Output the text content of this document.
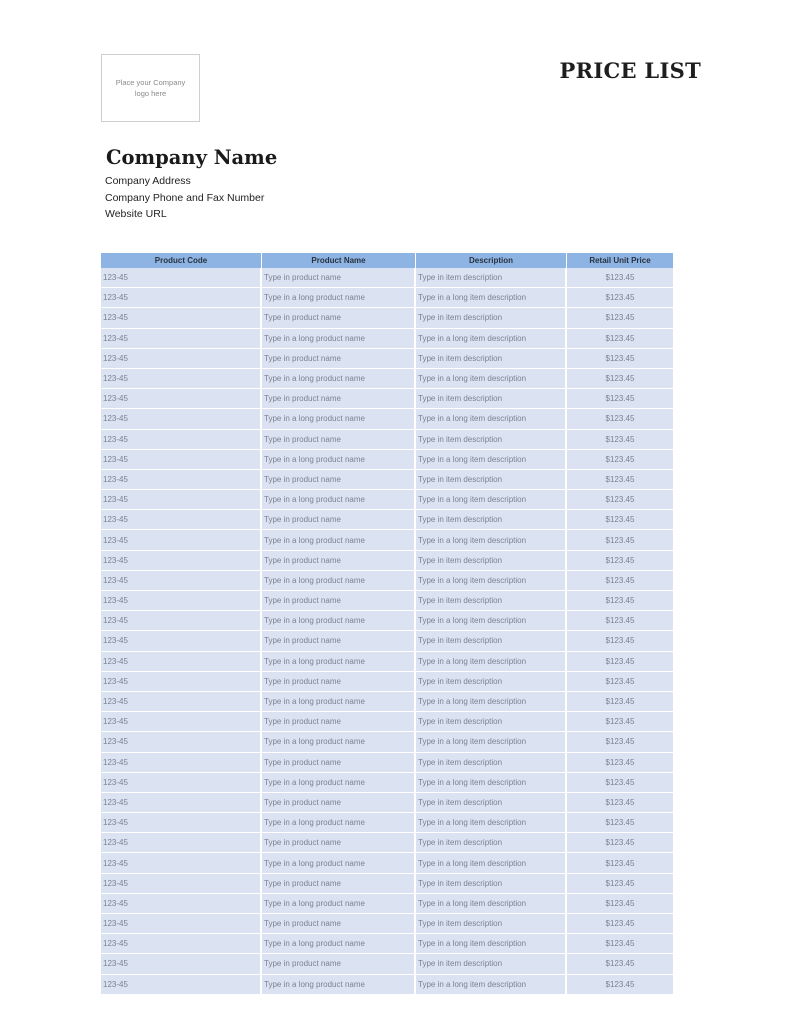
Place your Company logo here
PRICE LIST
Company Name
Company Address
Company Phone and Fax Number
Website URL
Product Code	Product Name	Description	Retail Unit Price
123-45	Type in product name	Type in item description	$123.45
123-45	Type in a long product name	Type in a long item description	$123.45
123-45	Type in product name	Type in item description	$123.45
123-45	Type in a long product name	Type in a long item description	$123.45
123-45	Type in product name	Type in item description	$123.45
123-45	Type in a long product name	Type in a long item description	$123.45
123-45	Type in product name	Type in item description	$123.45
123-45	Type in a long product name	Type in a long item description	$123.45
123-45	Type in product name	Type in item description	$123.45
123-45	Type in a long product name	Type in a long item description	$123.45
123-45	Type in product name	Type in item description	$123.45
123-45	Type in a long product name	Type in a long item description	$123.45
123-45	Type in product name	Type in item description	$123.45
123-45	Type in a long product name	Type in a long item description	$123.45
123-45	Type in product name	Type in item description	$123.45
123-45	Type in a long product name	Type in a long item description	$123.45
123-45	Type in product name	Type in item description	$123.45
123-45	Type in a long product name	Type in a long item description	$123.45
123-45	Type in product name	Type in item description	$123.45
123-45	Type in a long product name	Type in a long item description	$123.45
123-45	Type in product name	Type in item description	$123.45
123-45	Type in a long product name	Type in a long item description	$123.45
123-45	Type in product name	Type in item description	$123.45
123-45	Type in a long product name	Type in a long item description	$123.45
123-45	Type in product name	Type in item description	$123.45
123-45	Type in a long product name	Type in a long item description	$123.45
123-45	Type in product name	Type in item description	$123.45
123-45	Type in a long product name	Type in a long item description	$123.45
123-45	Type in product name	Type in item description	$123.45
123-45	Type in a long product name	Type in a long item description	$123.45
123-45	Type in product name	Type in item description	$123.45
123-45	Type in a long product name	Type in a long item description	$123.45
123-45	Type in product name	Type in item description	$123.45
123-45	Type in a long product name	Type in a long item description	$123.45
123-45	Type in product name	Type in item description	$123.45
123-45	Type in a long product name	Type in a long item description	$123.45
